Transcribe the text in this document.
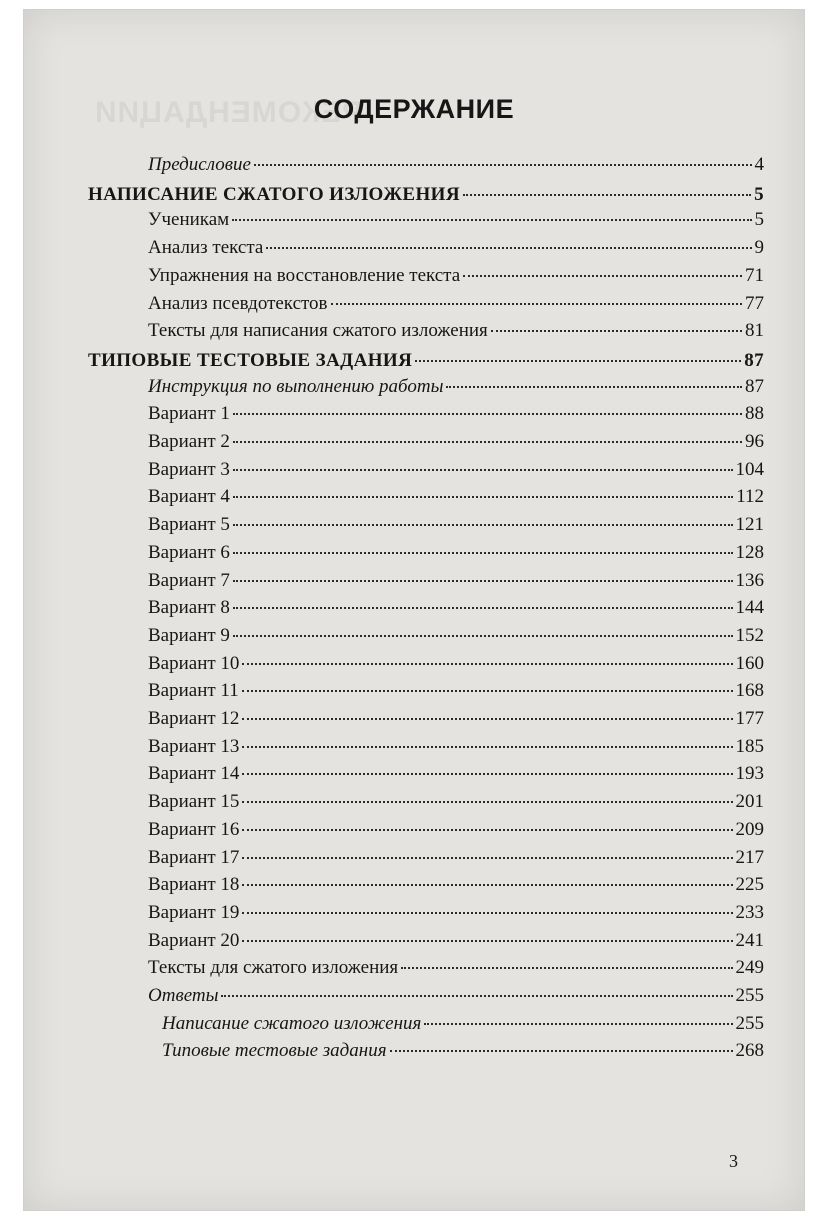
РЕКОМЕНДАЦИИ
СОДЕРЖАНИЕ
Предисловие	4
НАПИСАНИЕ СЖАТОГО ИЗЛОЖЕНИЯ	5
Ученикам	5
Анализ текста	9
Упражнения на восстановление текста	71
Анализ псевдотекстов	77
Тексты для написания сжатого изложения	81
ТИПОВЫЕ ТЕСТОВЫЕ ЗАДАНИЯ	87
Инструкция по выполнению работы	87
Вариант 1	88
Вариант 2	96
Вариант 3	104
Вариант 4	112
Вариант 5	121
Вариант 6	128
Вариант 7	136
Вариант 8	144
Вариант 9	152
Вариант 10	160
Вариант 11	168
Вариант 12	177
Вариант 13	185
Вариант 14	193
Вариант 15	201
Вариант 16	209
Вариант 17	217
Вариант 18	225
Вариант 19	233
Вариант 20	241
Тексты для сжатого изложения	249
Ответы	255
Написание сжатого изложения	255
Типовые тестовые задания	268
3
